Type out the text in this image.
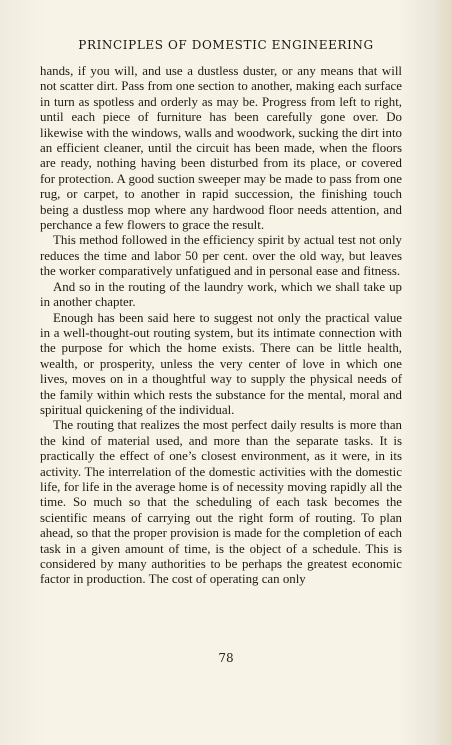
PRINCIPLES OF DOMESTIC ENGINEERING

hands, if you will, and use a dustless duster, or any means that will not scatter dirt. Pass from one section to another, making each surface in turn as spotless and orderly as may be. Progress from left to right, until each piece of furniture has been carefully gone over. Do likewise with the windows, walls and woodwork, sucking the dirt into an efficient cleaner, until the circuit has been made, when the floors are ready, nothing having been disturbed from its place, or covered for protection. A good suction sweeper may be made to pass from one rug, or carpet, to another in rapid succession, the finishing touch being a dustless mop where any hardwood floor needs attention, and perchance a few flowers to grace the result.

This method followed in the efficiency spirit by actual test not only reduces the time and labor 50 per cent. over the old way, but leaves the worker comparatively unfatigued and in personal ease and fitness.

And so in the routing of the laundry work, which we shall take up in another chapter.

Enough has been said here to suggest not only the practical value in a well-thought-out routing system, but its intimate connection with the purpose for which the home exists. There can be little health, wealth, or prosperity, unless the very center of love in which one lives, moves on in a thoughtful way to supply the physical needs of the family within which rests the substance for the mental, moral and spiritual quickening of the individual.

The routing that realizes the most perfect daily results is more than the kind of material used, and more than the separate tasks. It is practically the effect of one’s closest environment, as it were, in its activity. The interrelation of the domestic activities with the domestic life, for life in the average home is of necessity moving rapidly all the time. So much so that the scheduling of each task becomes the scientific means of carrying out the right form of routing. To plan ahead, so that the proper provision is made for the completion of each task in a given amount of time, is the object of a schedule. This is considered by many authorities to be perhaps the greatest economic factor in production. The cost of operating can only

78
